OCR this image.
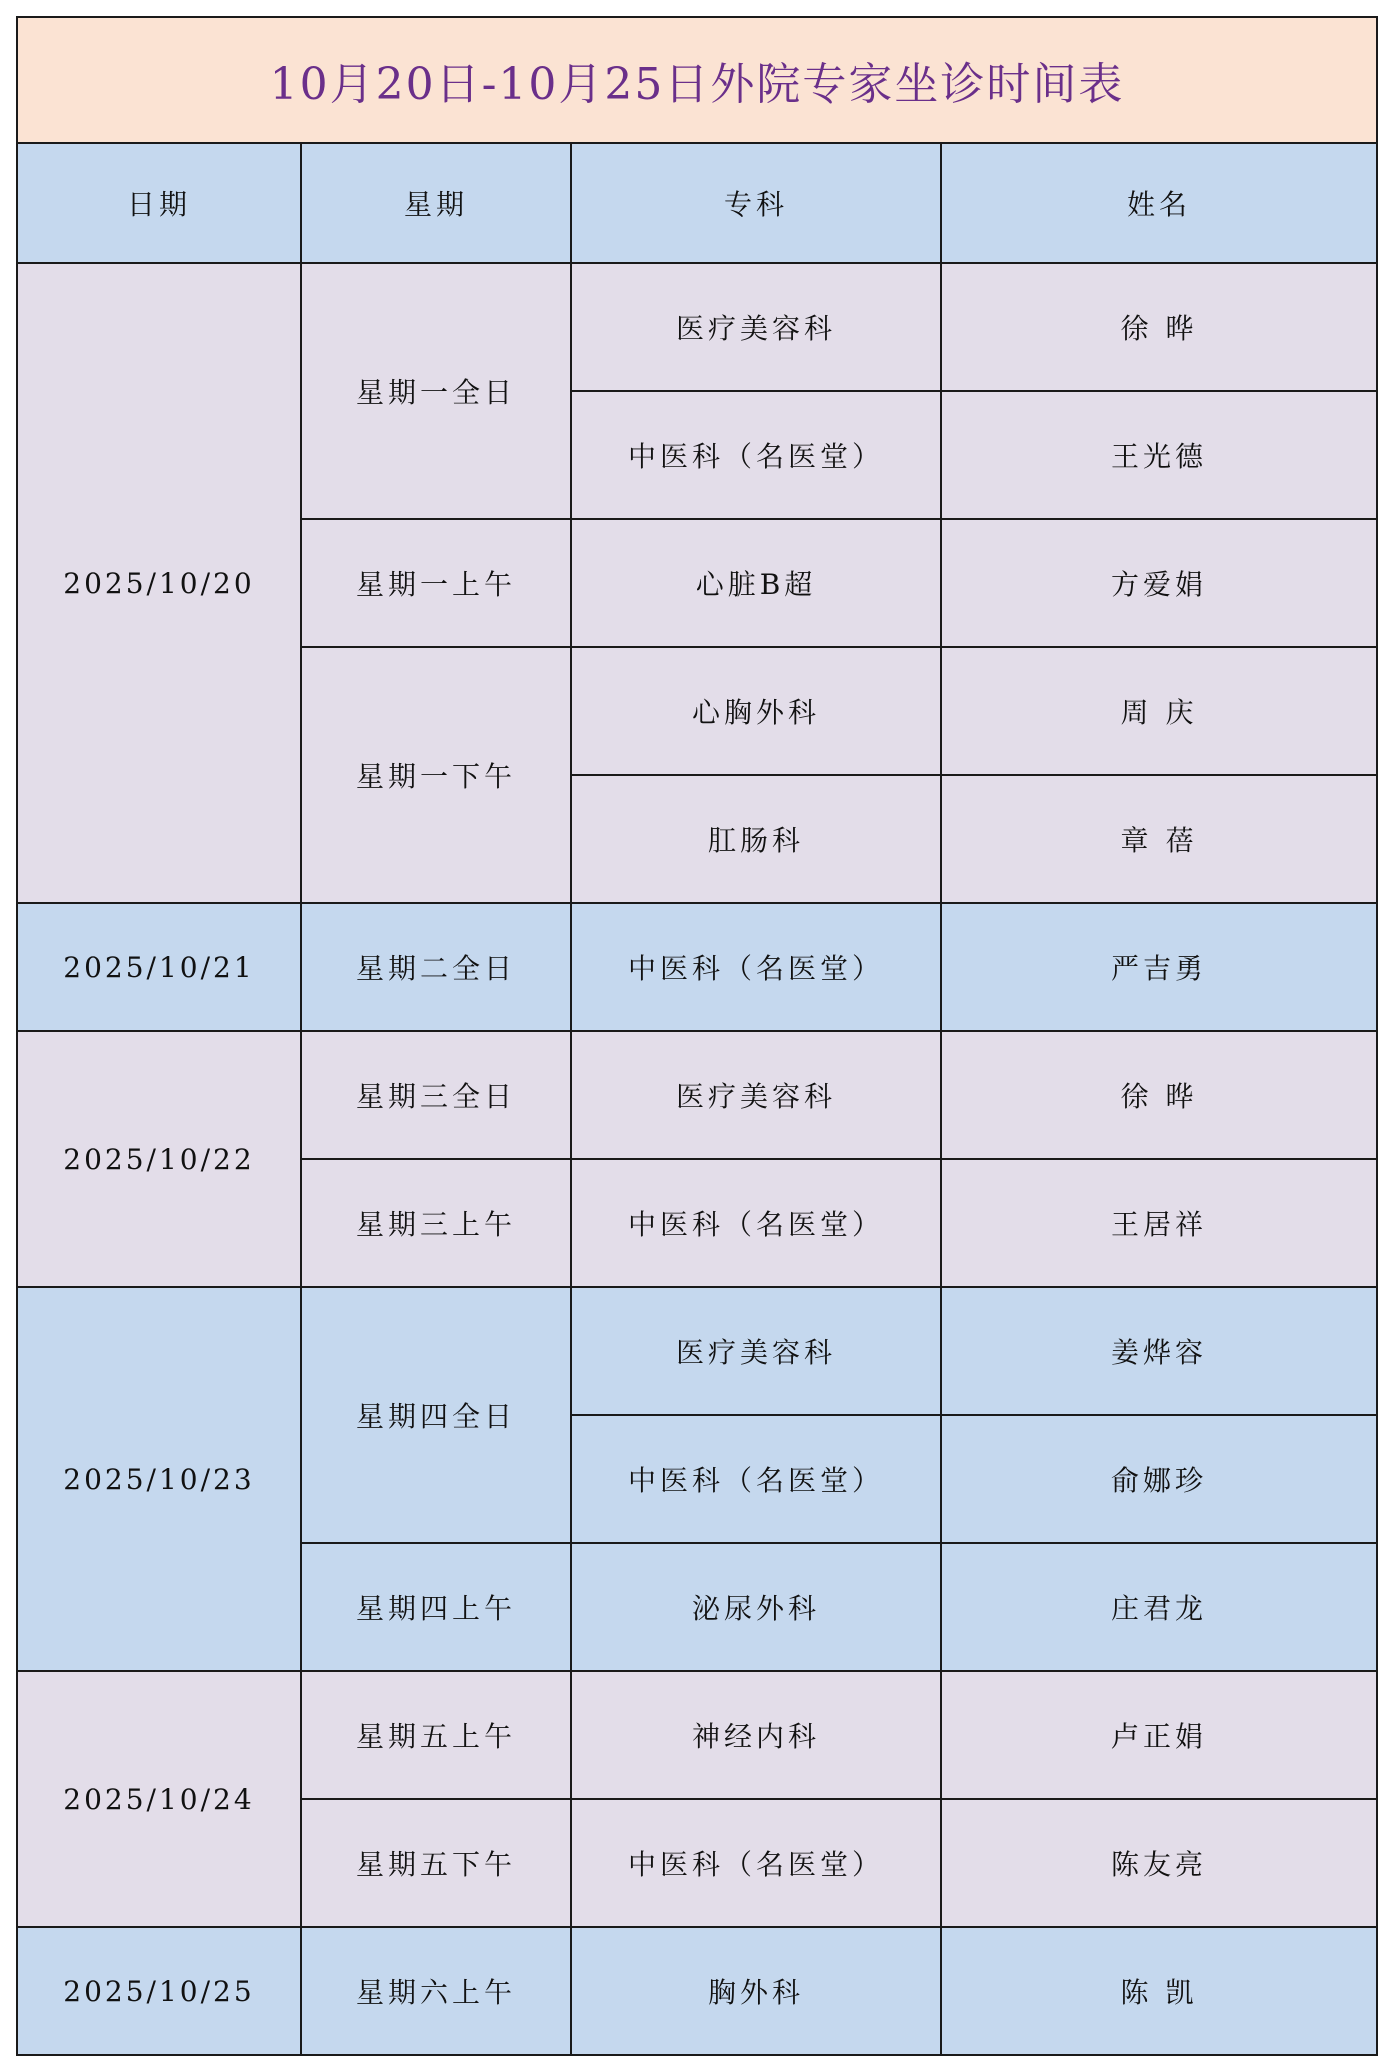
10月20日-10月25日外院专家坐诊时间表			
日期	星期	专科	姓名
2025/10/20	星期一全日	医疗美容科	徐 晔
		中医科（名医堂）	王光德
	星期一上午	心脏B超	方爱娟
	星期一下午	心胸外科	周 庆
		肛肠科	章 蓓
2025/10/21	星期二全日	中医科（名医堂）	严吉勇
2025/10/22	星期三全日	医疗美容科	徐 晔
	星期三上午	中医科（名医堂）	王居祥
2025/10/23	星期四全日	医疗美容科	姜烨容
		中医科（名医堂）	俞娜珍
	星期四上午	泌尿外科	庄君龙
2025/10/24	星期五上午	神经内科	卢正娟
	星期五下午	中医科（名医堂）	陈友亮
2025/10/25	星期六上午	胸外科	陈 凯
